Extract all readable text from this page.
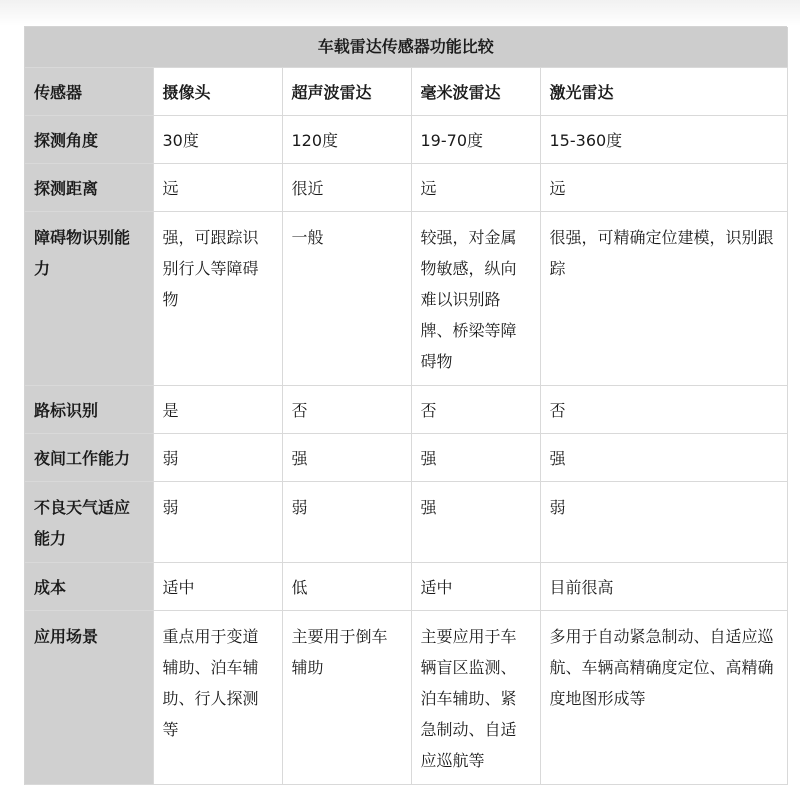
车载雷达传感器功能比较				
传感器	摄像头	超声波雷达	毫米波雷达	激光雷达
探测角度	30度	120度	19-70度	15-360度
探测距离	远	很近	远	远
障碍物识别能力	强，可跟踪识别行人等障碍物	一般	较强，对金属物敏感，纵向难以识别路牌、桥梁等障碍物	很强，可精确定位建模，识别跟踪
路标识别	是	否	否	否
夜间工作能力	弱	强	强	强
不良天气适应能力	弱	弱	强	弱
成本	适中	低	适中	目前很高
应用场景	重点用于变道辅助、泊车辅助、行人探测等	主要用于倒车辅助	主要应用于车辆盲区监测、泊车辅助、紧急制动、自适应巡航等	多用于自动紧急制动、自适应巡航、车辆高精确度定位、高精确度地图形成等
